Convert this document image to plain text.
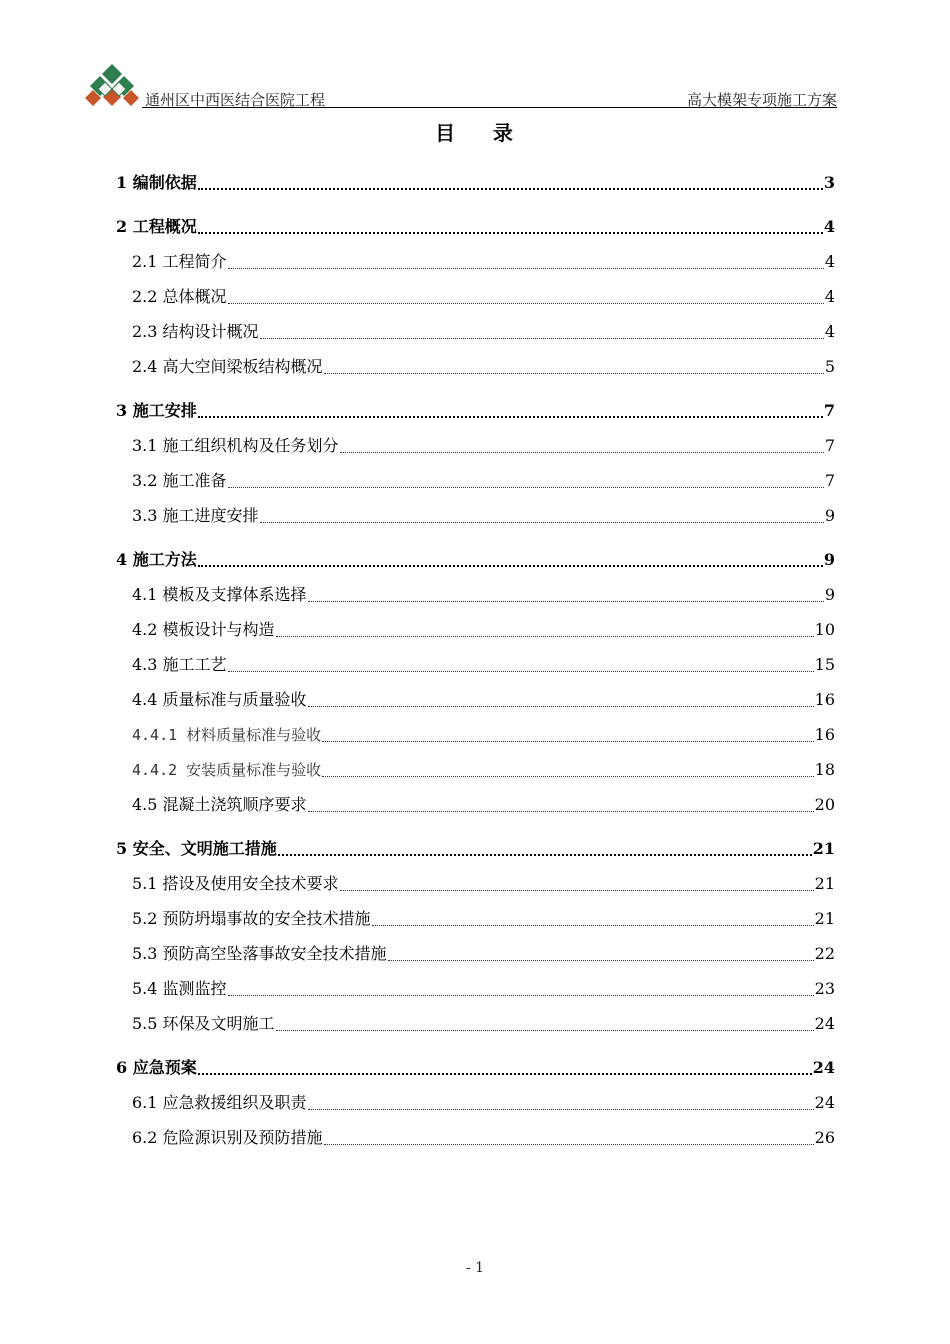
通州区中西医结合医院工程	高大模架专项施工方案
目    录
1 编制依据	3
2 工程概况	4
2.1 工程简介	4
2.2 总体概况	4
2.3 结构设计概况	4
2.4 高大空间梁板结构概况	5
3 施工安排	7
3.1 施工组织机构及任务划分	7
3.2 施工准备	7
3.3 施工进度安排	9
4 施工方法	9
4.1 模板及支撑体系选择	9
4.2 模板设计与构造	10
4.3 施工工艺	15
4.4 质量标准与质量验收	16
4.4.1 材料质量标准与验收	16
4.4.2 安装质量标准与验收	18
4.5 混凝土浇筑顺序要求	20
5 安全、文明施工措施	21
5.1 搭设及使用安全技术要求	21
5.2 预防坍塌事故的安全技术措施	21
5.3 预防高空坠落事故安全技术措施	22
5.4 监测监控	23
5.5 环保及文明施工	24
6 应急预案	24
6.1 应急救援组织及职责	24
6.2 危险源识别及预防措施	26
- 1
